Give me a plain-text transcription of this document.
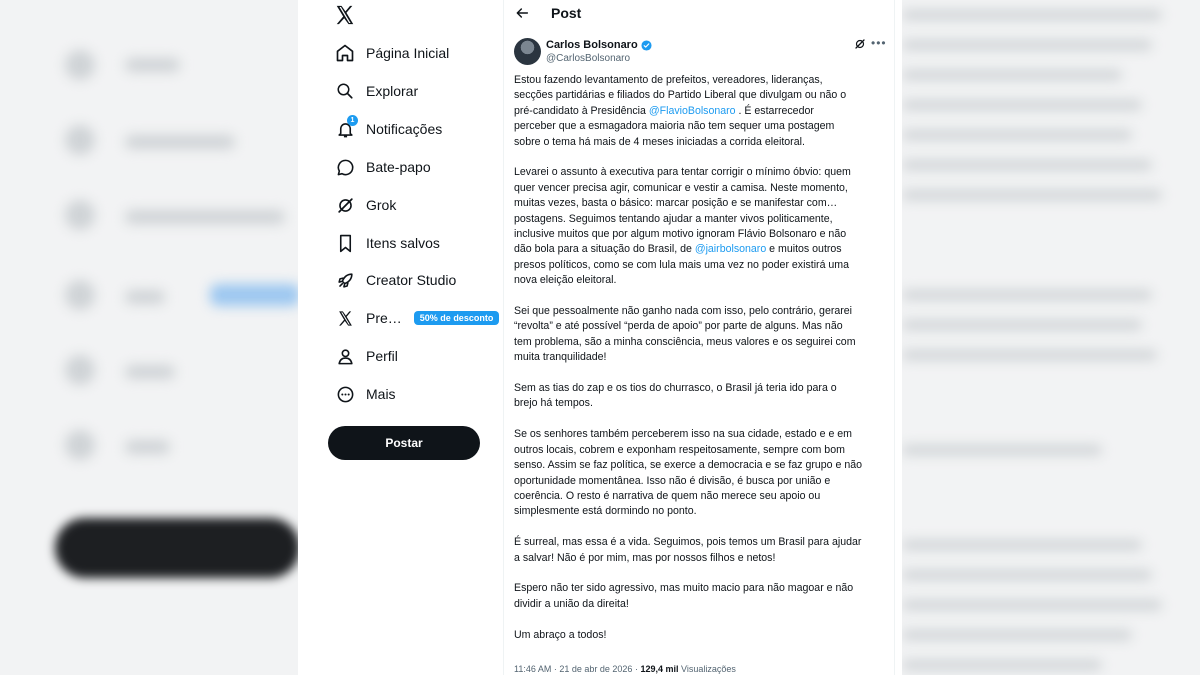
Página Inicial
Explorar
1
Notificações
Bate-papo
Grok
Itens salvos
Creator Studio
Pre…	50% de desconto
Perfil
Mais
Postar
Post
Carlos Bolsonaro
@CarlosBolsonaro
•••

Estou fazendo levantamento de prefeitos, vereadores, lideranças,
secções partidárias e filiados do Partido Liberal que divulgam ou não o
pré-candidato à Presidência @FlavioBolsonaro . É estarrecedor
perceber que a esmagadora maioria não tem sequer uma postagem
sobre o tema há mais de 4 meses iniciadas a corrida eleitoral.

Levarei o assunto à executiva para tentar corrigir o mínimo óbvio: quem
quer vencer precisa agir, comunicar e vestir a camisa. Neste momento,
muitas vezes, basta o básico: marcar posição e se manifestar com…
postagens. Seguimos tentando ajudar a manter vivos politicamente,
inclusive muitos que por algum motivo ignoram Flávio Bolsonaro e não
dão bola para a situação do Brasil, de @jairbolsonaro e muitos outros
presos políticos, como se com lula mais uma vez no poder existirá uma
nova eleição eleitoral.

Sei que pessoalmente não ganho nada com isso, pelo contrário, gerarei
“revolta” e até possível “perda de apoio” por parte de alguns. Mas não
tem problema, são a minha consciência, meus valores e os seguirei com
muita tranquilidade!

Sem as tias do zap e os tios do churrasco, o Brasil já teria ido para o
brejo há tempos.

Se os senhores também perceberem isso na sua cidade, estado e e em
outros locais, cobrem e exponham respeitosamente, sempre com bom
senso. Assim se faz política, se exerce a democracia e se faz grupo e não
oportunidade momentânea. Isso não é divisão, é busca por união e
coerência. O resto é narrativa de quem não merece seu apoio ou
simplesmente está dormindo no ponto.

É surreal, mas essa é a vida. Seguimos, pois temos um Brasil para ajudar
a salvar! Não é por mim, mas por nossos filhos e netos!

Espero não ter sido agressivo, mas muito macio para não magoar e não
dividir a união da direita!

Um abraço a todos!

11:46 AM · 21 de abr de 2026 · 129,4 mil Visualizações
